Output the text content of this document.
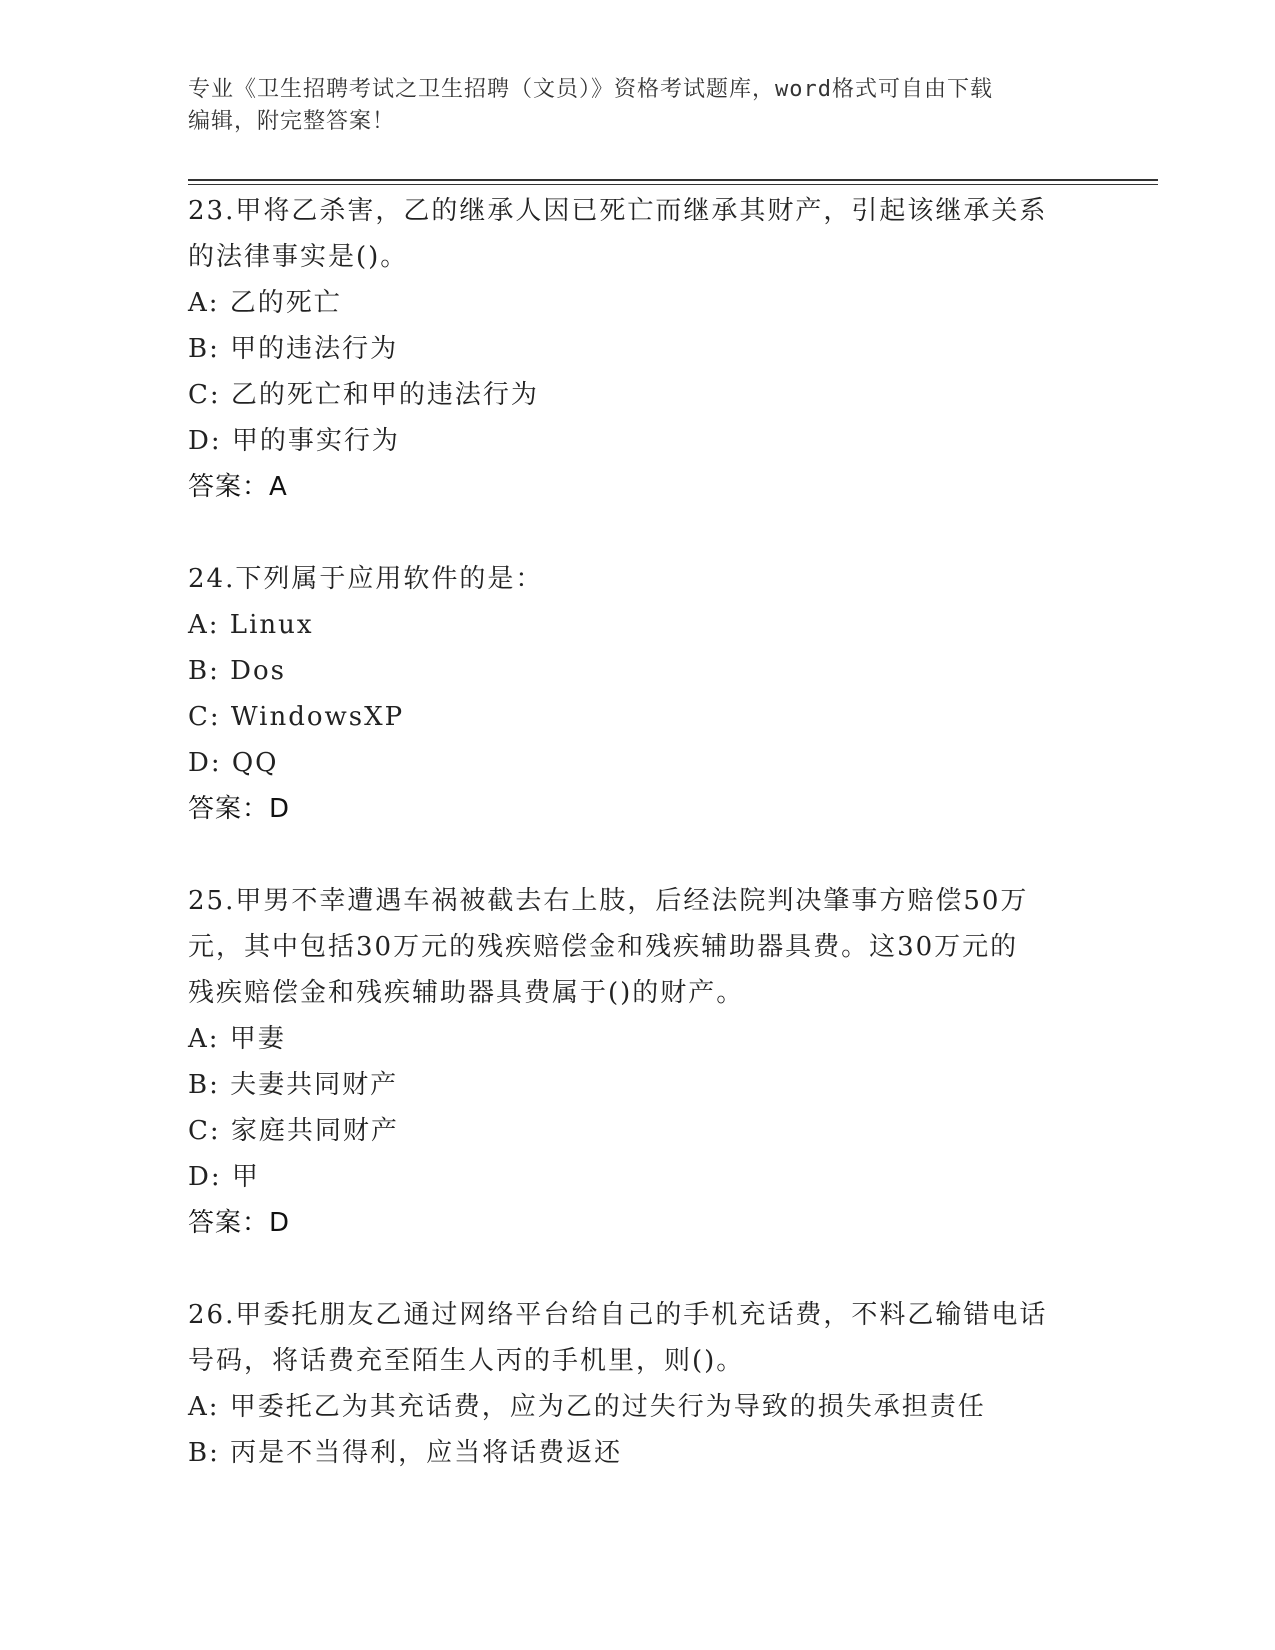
专业《卫生招聘考试之卫生招聘（文员）》资格考试题库，word格式可自由下载
编辑，附完整答案！
23.甲将乙杀害，乙的继承人因已死亡而继承其财产，引起该继承关系
的法律事实是()。
A: 乙的死亡
B: 甲的违法行为
C: 乙的死亡和甲的违法行为
D: 甲的事实行为
答案：A
24.下列属于应用软件的是：
A: Linux
B: Dos
C: WindowsXP
D: QQ
答案：D
25.甲男不幸遭遇车祸被截去右上肢，后经法院判决肇事方赔偿50万
元，其中包括30万元的残疾赔偿金和残疾辅助器具费。这30万元的
残疾赔偿金和残疾辅助器具费属于()的财产。
A: 甲妻
B: 夫妻共同财产
C: 家庭共同财产
D: 甲
答案：D
26.甲委托朋友乙通过网络平台给自己的手机充话费，不料乙输错电话
号码，将话费充至陌生人丙的手机里，则()。
A: 甲委托乙为其充话费，应为乙的过失行为导致的损失承担责任
B: 丙是不当得利，应当将话费返还
